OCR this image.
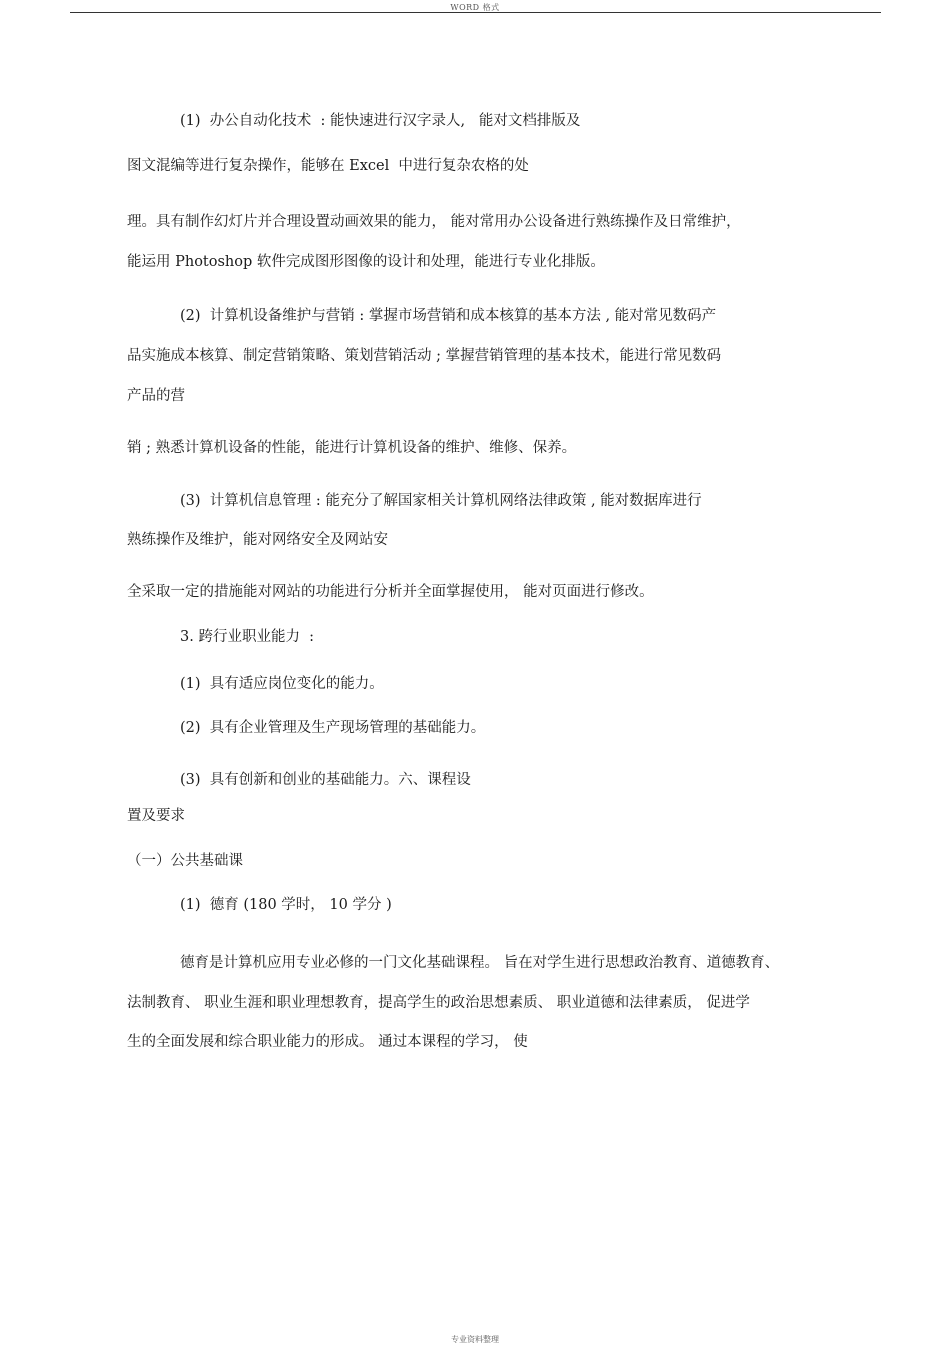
WORD 格式
(1)  办公自动化技术  : 能快速进行汉字录人,   能对文档排版及
图文混编等进行复杂操作，能够在 Excel  中进行复杂农格的处
理。具有制作幻灯片并合理设置动画效果的能力， 能对常用办公设备进行熟练操作及日常维护，
能运用 Photoshop 软件完成图形图像的设计和处理，能进行专业化排版。
(2)  计算机设备维护与营销 : 掌握市场营销和成本核算的基本方法 , 能对常见数码产
品实施成本核算、制定营销策略、策划营销活动 ; 掌握营销管理的基本技术，能进行常见数码
产品的营
销 ; 熟悉计算机设备的性能，能进行计算机设备的维护、维修、保养。
(3)  计算机信息管理 : 能充分了解国家相关计算机网络法律政策 , 能对数据库进行
熟练操作及维护，能对网络安全及网站安
全采取一定的措施能对网站的功能进行分析并全面掌握使用， 能对页面进行修改。
3. 跨行业职业能力  :
(1)  具有适应岗位变化的能力。
(2)  具有企业管理及生产现场管理的基础能力。
(3)  具有创新和创业的基础能力。六、课程设
置及要求
（一）公共基础课
(1)  德育 (180 学时， 10 学分 )
德育是计算机应用专业必修的一门文化基础课程。 旨在对学生进行思想政治教育、道德教育、
法制教育、 职业生涯和职业理想教育，提高学生的政治思想素质、 职业道德和法律素质， 促进学
生的全面发展和综合职业能力的形成。 通过本课程的学习， 使
专业资料整理
